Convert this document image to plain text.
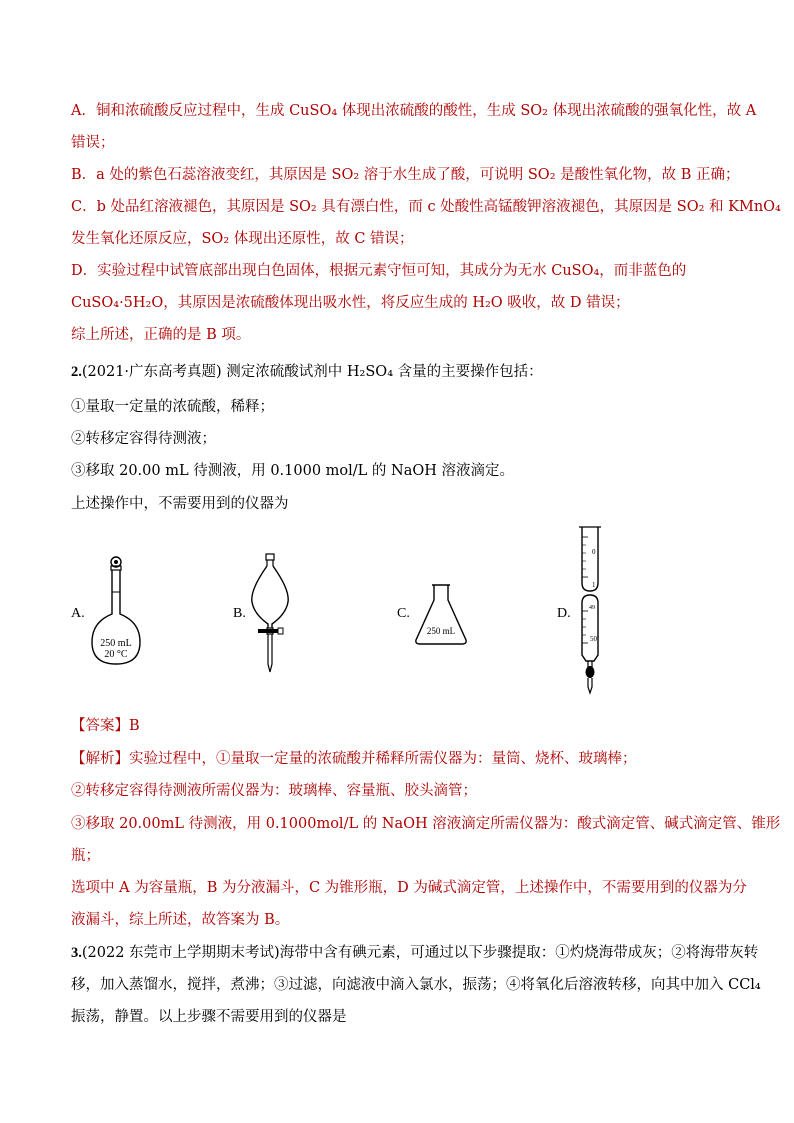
A．铜和浓硫酸反应过程中，生成 CuSO₄ 体现出浓硫酸的酸性，生成 SO₂ 体现出浓硫酸的强氧化性，故 A
错误；
B．a 处的紫色石蕊溶液变红，其原因是 SO₂ 溶于水生成了酸，可说明 SO₂ 是酸性氧化物，故 B 正确；
C．b 处品红溶液褪色，其原因是 SO₂ 具有漂白性，而 c 处酸性高锰酸钾溶液褪色，其原因是 SO₂ 和 KMnO₄
发生氧化还原反应，SO₂ 体现出还原性，故 C 错误；
D．实验过程中试管底部出现白色固体，根据元素守恒可知，其成分为无水 CuSO₄，而非蓝色的
CuSO₄·5H₂O，其原因是浓硫酸体现出吸水性，将反应生成的 H₂O 吸收，故 D 错误；
综上所述，正确的是 B 项。
2.(2021·广东高考真题) 测定浓硫酸试剂中 H₂SO₄ 含量的主要操作包括：
①量取一定量的浓硫酸，稀释；
②转移定容得待测液；
③移取 20.00 mL 待测液，用 0.1000 mol/L 的 NaOH 溶液滴定。
上述操作中，不需要用到的仪器为
A.
250 mL
20 °C
B.	C.
250 mL
D.
0
1
49
50
【答案】B
【解析】实验过程中，①量取一定量的浓硫酸并稀释所需仪器为：量筒、烧杯、玻璃棒；
②转移定容得待测液所需仪器为：玻璃棒、容量瓶、胶头滴管；
③移取 20.00mL 待测液，用 0.1000mol/L 的 NaOH 溶液滴定所需仪器为：酸式滴定管、碱式滴定管、锥形
瓶；
选项中 A 为容量瓶，B 为分液漏斗，C 为锥形瓶，D 为碱式滴定管，上述操作中，不需要用到的仪器为分
液漏斗，综上所述，故答案为 B。
3.(2022 东莞市上学期期末考试)海带中含有碘元素，可通过以下步骤提取：①灼烧海带成灰；②将海带灰转
移，加入蒸馏水，搅拌，煮沸；③过滤，向滤液中滴入氯水，振荡；④将氧化后溶液转移，向其中加入 CCl₄
振荡，静置。以上步骤不需要用到的仪器是
